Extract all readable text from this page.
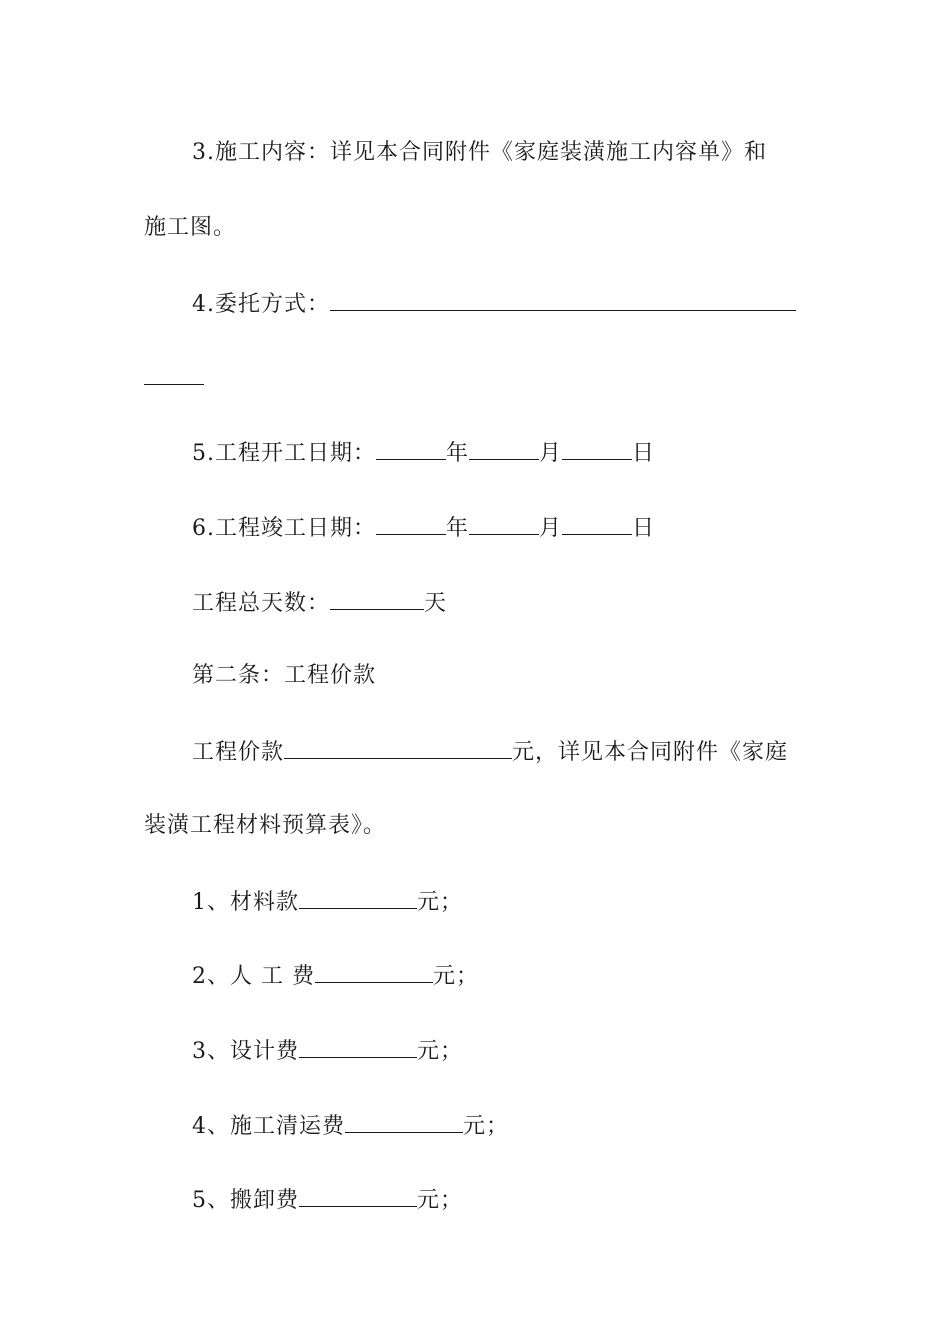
3.施工内容：详见本合同附件《家庭装潢施工内容单》和
施工图。
4.委托方式：
5.工程开工日期：	年	月	日
6.工程竣工日期：	年	月	日
工程总天数：	天
第二条：工程价款
工程价款	元，详见本合同附件《家庭
装潢工程材料预算表》。
1、材料款	元；
2、人 工 费	元；
3、设计费	元；
4、施工清运费	元；
5、搬卸费	元；
